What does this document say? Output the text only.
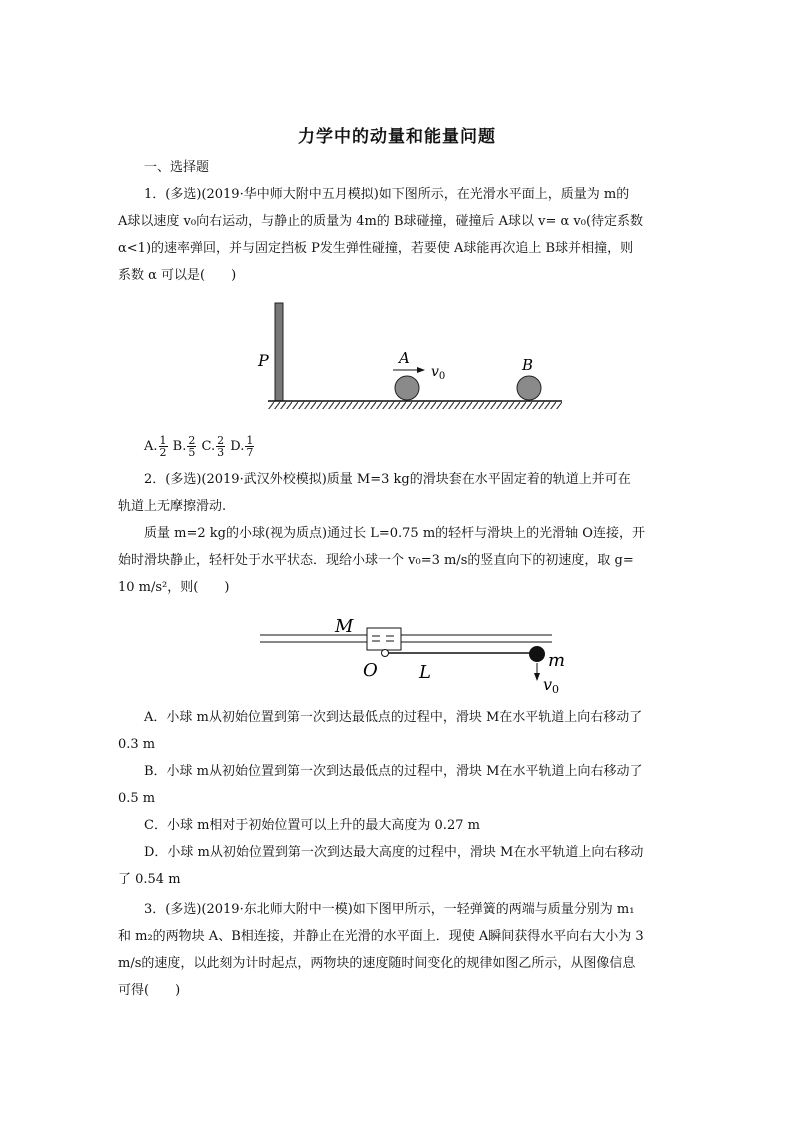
力学中的动量和能量问题
一、选择题
1．(多选)(2019·华中师大附中五月模拟)如下图所示，在光滑水平面上，质量为 m的
A球以速度 v₀向右运动，与静止的质量为 4m的 B球碰撞，碰撞后 A球以 v= α v₀(待定系数
α<1)的速率弹回，并与固定挡板 P发生弹性碰撞，若要使 A球能再次追上 B球并相撞，则
系数 α 可以是(　　)
P	A
$v_0$
B
A. $\frac{1}{2} B$. $\frac{2}{5} C$. $\frac{2}{3} D$. $\frac{1}{7}$
2．(多选)(2019·武汉外校模拟)质量 M=3 kg的滑块套在水平固定着的轨道上并可在
轨道上无摩擦滑动.
质量 m=2 kg的小球(视为质点)通过长 L=0.75 m的轻杆与滑块上的光滑轴 O连接，开
始时滑块静止，轻杆处于水平状态．现给小球一个 v₀=3 m/s的竖直向下的初速度，取 g=
10 m/s²，则(　　)
M
O L
m
v0
A．小球 m从初始位置到第一次到达最低点的过程中，滑块 M在水平轨道上向右移动了
0.3 m
B．小球 m从初始位置到第一次到达最低点的过程中，滑块 M在水平轨道上向右移动了
0.5 m
C．小球 m相对于初始位置可以上升的最大高度为 0.27 m
D．小球 m从初始位置到第一次到达最大高度的过程中，滑块 M在水平轨道上向右移动
了 0.54 m
3．(多选)(2019·东北师大附中一模)如下图甲所示，一轻弹簧的两端与质量分别为 m₁
和 m₂的两物块 A、B相连接，并静止在光滑的水平面上．现使 A瞬间获得水平向右大小为 3
m/s的速度，以此刻为计时起点，两物块的速度随时间变化的规律如图乙所示，从图像信息
可得(　　)
